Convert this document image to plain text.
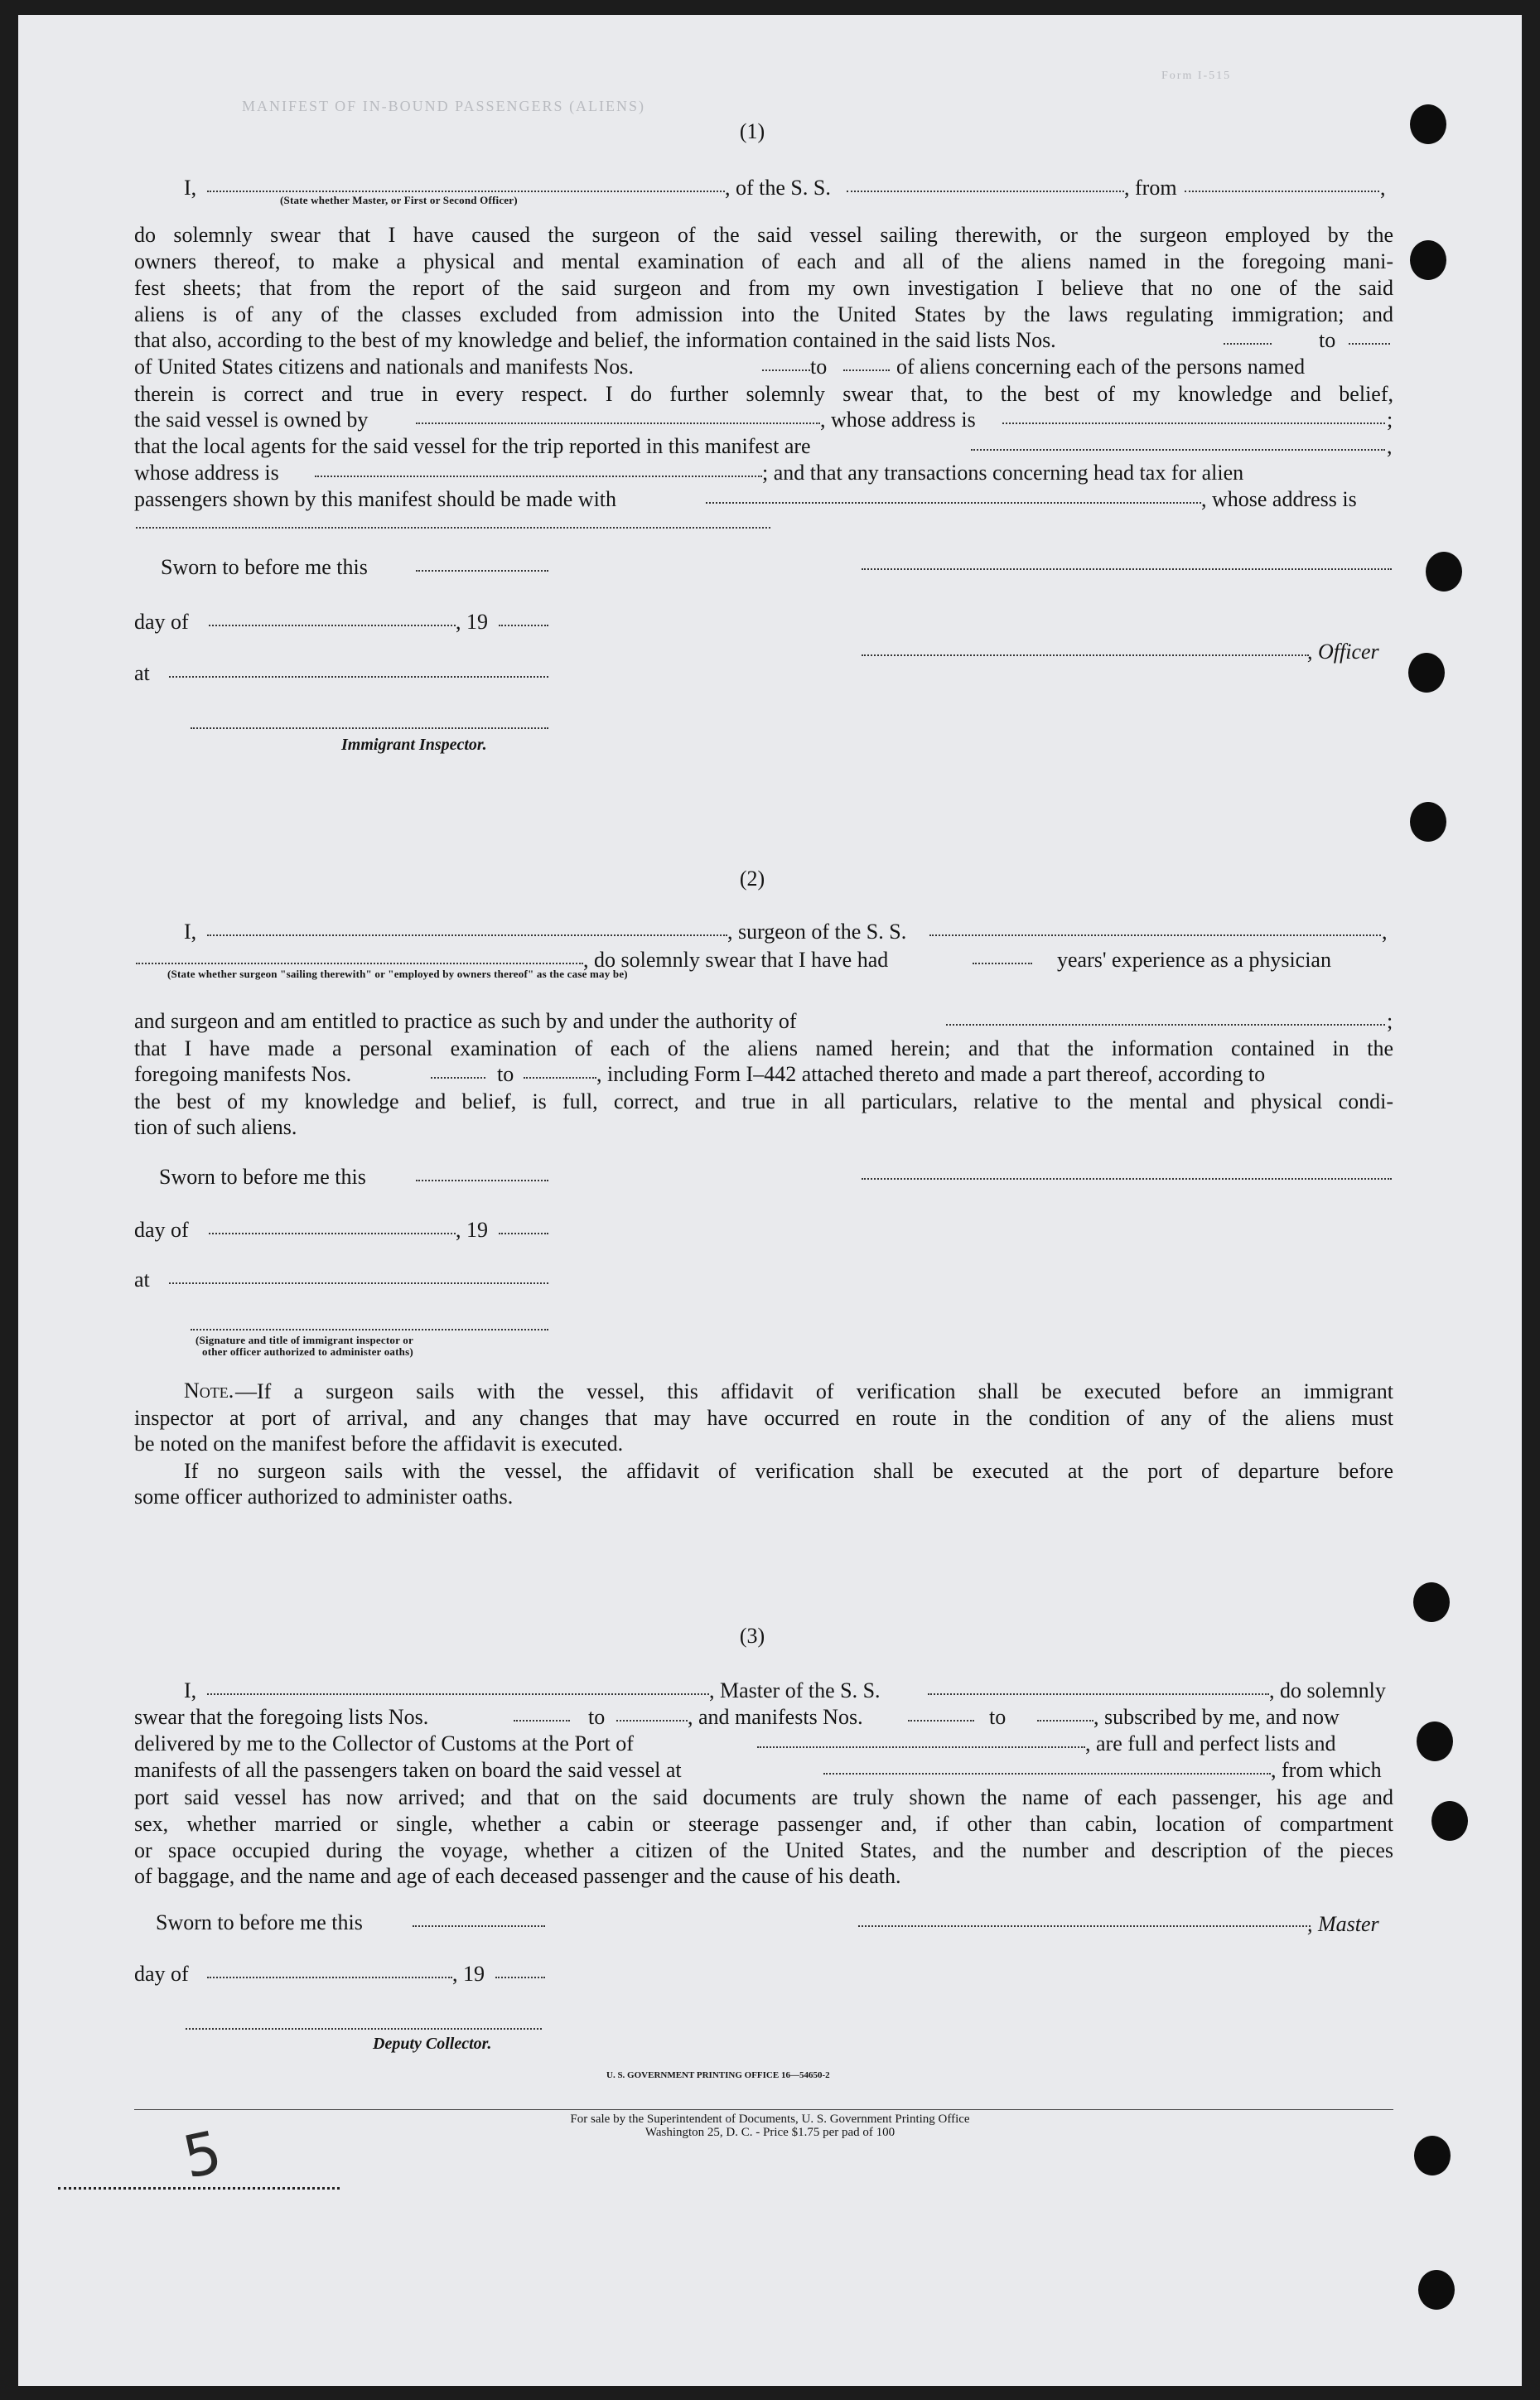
MANIFEST OF IN-BOUND PASSENGERS (ALIENS)
Form I-515
(1)
I,	, of the S. S.	, from	,
(State whether Master, or First or Second Officer)
do solemnly swear that I have caused the surgeon of the said vessel sailing therewith, or the surgeon employed by the
owners thereof, to make a physical and mental examination of each and all of the aliens named in the foregoing mani-
fest sheets; that from the report of the said surgeon and from my own investigation I believe that no one of the said
aliens is of any of the classes excluded from admission into the United States by the laws regulating immigration; and
that also, according to the best of my knowledge and belief, the information contained in the said lists Nos.	to
of United States citizens and nationals and manifests Nos.	to	of aliens concerning each of the persons named
therein is correct and true in every respect. I do further solemnly swear that, to the best of my knowledge and belief,
the said vessel is owned by	, whose address is	;
that the local agents for the said vessel for the trip reported in this manifest are	,
whose address is	; and that any transactions concerning head tax for alien
passengers shown by this manifest should be made with	, whose address is
Sworn to before me this
day of	, 19
, Officer
at
Immigrant Inspector.
(2)
I,	, surgeon of the S. S.	,
, do solemnly swear that I have had	years' experience as a physician
(State whether surgeon "sailing therewith" or "employed by owners thereof" as the case may be)
and surgeon and am entitled to practice as such by and under the authority of	;
that I have made a personal examination of each of the aliens named herein; and that the information contained in the
foregoing manifests Nos.	to	, including Form I–442 attached thereto and made a part thereof, according to
the best of my knowledge and belief, is full, correct, and true in all particulars, relative to the mental and physical condi-
tion of such aliens.
Sworn to before me this
day of	, 19
at
(Signature and title of immigrant inspector or
other officer authorized to administer oaths)
Note. —If a surgeon sails with the vessel, this affidavit of verification shall be executed before an immigrant
inspector at port of arrival, and any changes that may have occurred en route in the condition of any of the aliens must
be noted on the manifest before the affidavit is executed.
If no surgeon sails with the vessel, the affidavit of verification shall be executed at the port of departure before
some officer authorized to administer oaths.
(3)
I,	, Master of the S. S.	, do solemnly
swear that the foregoing lists Nos.	to	, and manifests Nos.	to	, subscribed by me, and now
delivered by me to the Collector of Customs at the Port of	, are full and perfect lists and
manifests of all the passengers taken on board the said vessel at	, from which
port said vessel has now arrived; and that on the said documents are truly shown the name of each passenger, his age and
sex, whether married or single, whether a cabin or steerage passenger and, if other than cabin, location of compartment
or space occupied during the voyage, whether a citizen of the United States, and the number and description of the pieces
of baggage, and the name and age of each deceased passenger and the cause of his death.
Sworn to before me this	, Master
day of	, 19
Deputy Collector.
U. S. GOVERNMENT PRINTING OFFICE 16—54650-2
For sale by the Superintendent of Documents, U. S. Government Printing Office
Washington 25, D. C. - Price $1.75 per pad of 100
5
